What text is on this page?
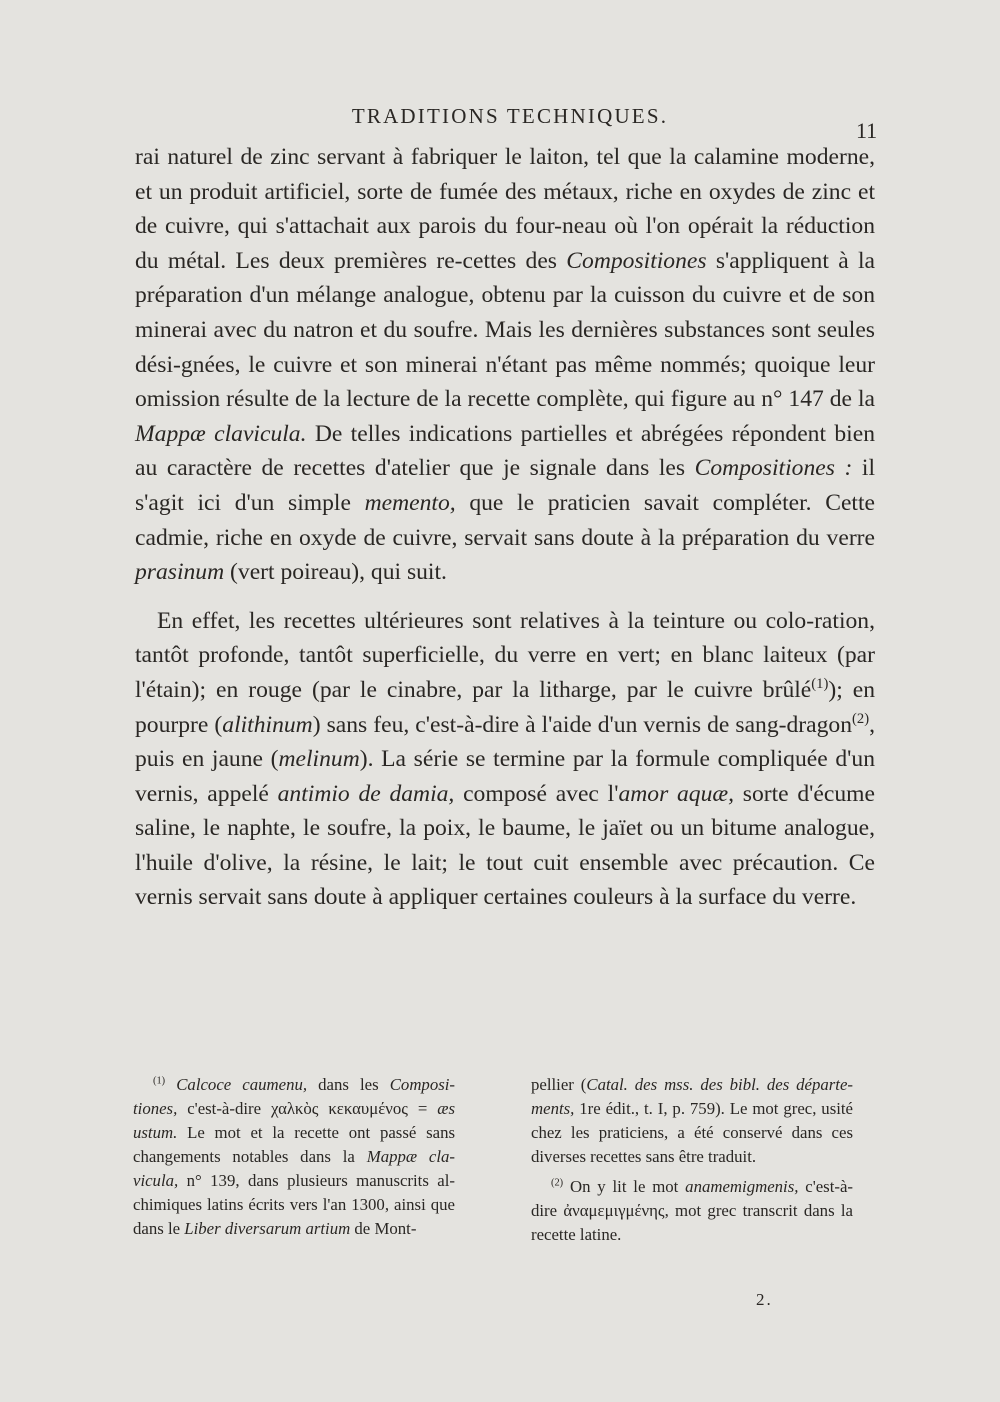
TRADITIONS TECHNIQUES.
11

rai naturel de zinc servant à fabriquer le laiton, tel que la calamine moderne, et un produit artificiel, sorte de fumée des métaux, riche en oxydes de zinc et de cuivre, qui s'attachait aux parois du four-neau où l'on opérait la réduction du métal. Les deux premières re-cettes des Compositiones s'appliquent à la préparation d'un mélange analogue, obtenu par la cuisson du cuivre et de son minerai avec du natron et du soufre. Mais les dernières substances sont seules dési-gnées, le cuivre et son minerai n'étant pas même nommés; quoique leur omission résulte de la lecture de la recette complète, qui figure au n° 147 de la Mappæ clavicula. De telles indications partielles et abrégées répondent bien au caractère de recettes d'atelier que je signale dans les Compositiones : il s'agit ici d'un simple memento, que le praticien savait compléter. Cette cadmie, riche en oxyde de cuivre, servait sans doute à la préparation du verre prasinum (vert poireau), qui suit.

En effet, les recettes ultérieures sont relatives à la teinture ou colo-ration, tantôt profonde, tantôt superficielle, du verre en vert; en blanc laiteux (par l'étain); en rouge (par le cinabre, par la litharge, par le cuivre brûlé$^{(1)}$); en pourpre (alithinum) sans feu, c'est-à-dire à l'aide d'un vernis de sang-dragon$^{(2)}$, puis en jaune (melinum). La série se termine par la formule compliquée d'un vernis, appelé antimio de damia, composé avec l'amor aquæ, sorte d'écume saline, le naphte, le soufre, la poix, le baume, le jaïet ou un bitume analogue, l'huile d'olive, la résine, le lait; le tout cuit ensemble avec précaution. Ce vernis servait sans doute à appliquer certaines couleurs à la surface du verre.

$^{(1)}$ Calcoce caumenu, dans les Composi-tiones, c'est-à-dire χαλκὸς κεκαυμένος = æs ustum. Le mot et la recette ont passé sans changements notables dans la Mappæ cla-vicula, n° 139, dans plusieurs manuscrits al-chimiques latins écrits vers l'an 1300, ainsi que dans le Liber diversarum artium de Mont-

pellier (Catal. des mss. des bibl. des départe-ments, 1re édit., t. I, p. 759). Le mot grec, usité chez les praticiens, a été conservé dans ces diverses recettes sans être traduit.

$^{(2)}$ On y lit le mot anamemigmenis, c'est-à-dire ἀναμεμιγμένης, mot grec transcrit dans la recette latine.

2.
